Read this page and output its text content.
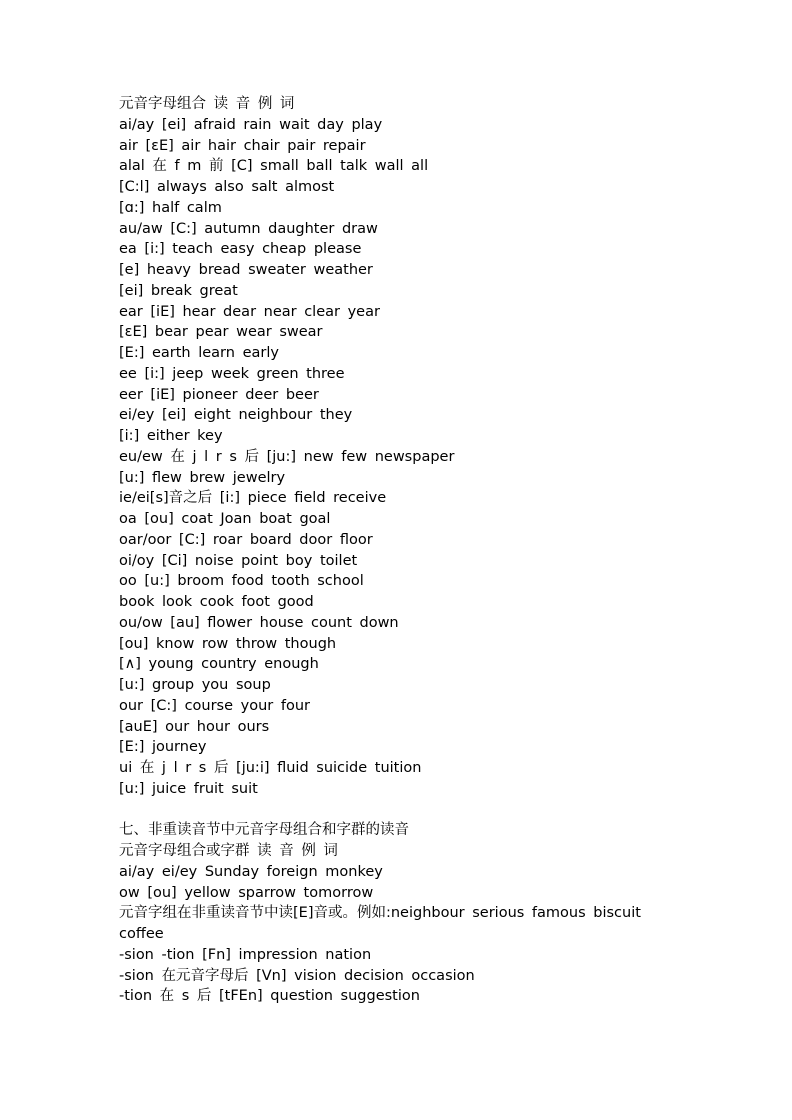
元音字母组合 读 音 例 词
ai/ay [ei] afraid rain wait day play
air [ɛE] air hair chair pair repair
alal 在 f m 前 [C] small ball talk wall all
[C:l] always also salt almost
[ɑ:] half calm
au/aw [C:] autumn daughter draw
ea [i:] teach easy cheap please
[e] heavy bread sweater weather
[ei] break great
ear [iE] hear dear near clear year
[ɛE] bear pear wear swear
[E:] earth learn early
ee [i:] jeep week green three
eer [iE] pioneer deer beer
ei/ey [ei] eight neighbour they
[i:] either key
eu/ew 在 j l r s 后 [ju:] new few newspaper
[u:] flew brew jewelry
ie/ei[s]音之后 [i:] piece field receive
oa [ou] coat Joan boat goal
oar/oor [C:] roar board door floor
oi/oy [Ci] noise point boy toilet
oo [u:] broom food tooth school
book look cook foot good
ou/ow [au] flower house count down
[ou] know row throw though
[∧] young country enough
[u:] group you soup
our [C:] course your four
[auE] our hour ours
[E:] journey
ui 在 j l r s 后 [ju:i] fluid suicide tuition
[u:] juice fruit suit
七、非重读音节中元音字母组合和字群的读音
元音字母组合或字群 读 音 例 词
ai/ay ei/ey Sunday foreign monkey
ow [ou] yellow sparrow tomorrow
元音字组在非重读音节中读[E]音或。例如:neighbour serious famous biscuit
coffee
-sion -tion [Fn] impression nation
-sion 在元音字母后 [Vn] vision decision occasion
-tion 在 s 后 [tFEn] question suggestion
